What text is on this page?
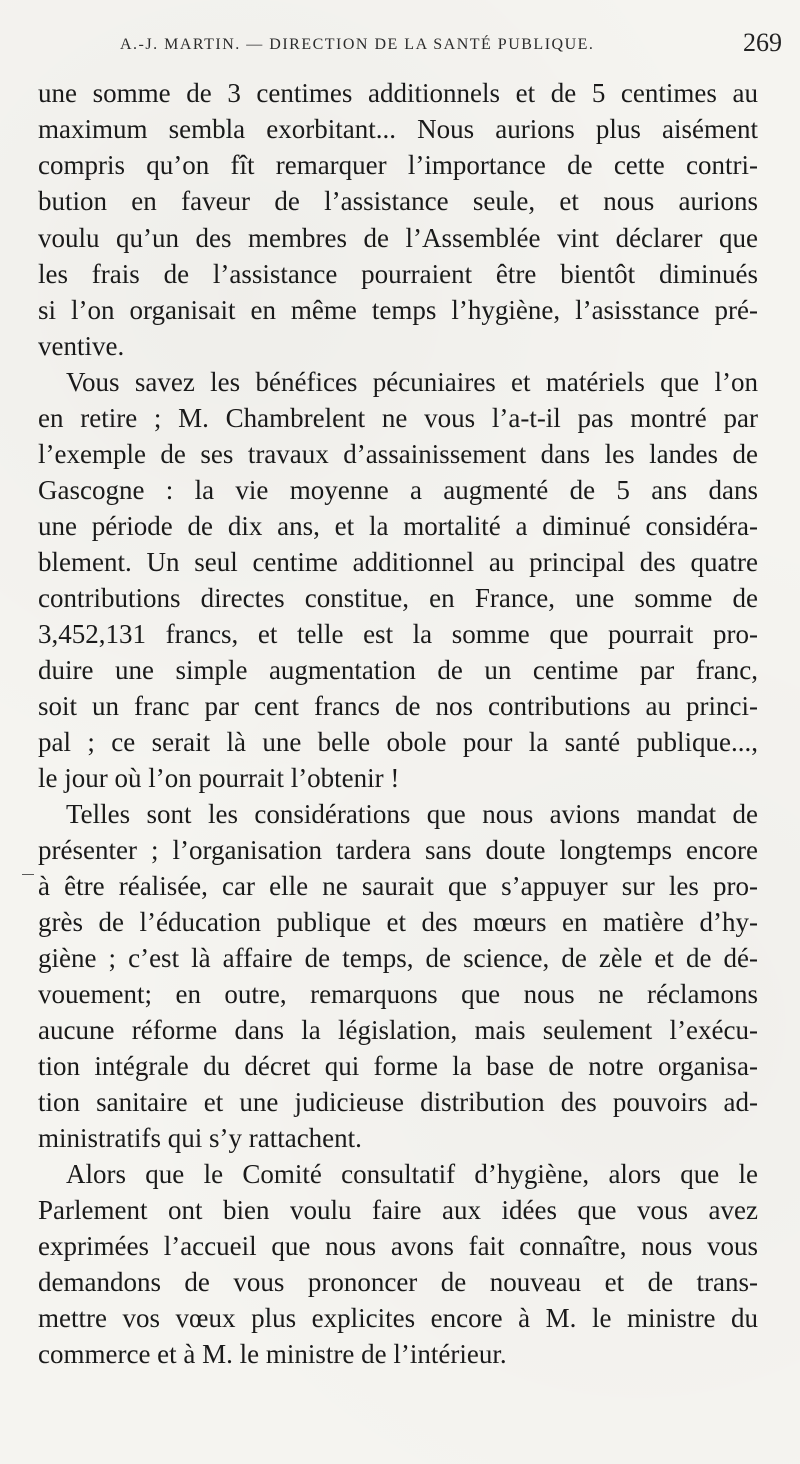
A.-J. MARTIN. — DIRECTION DE LA SANTÉ PUBLIQUE.	269
une somme de 3 centimes additionnels et de 5 centimes au
maximum sembla exorbitant... Nous aurions plus aisément
compris qu’on fît remarquer l’importance de cette contri-
bution en faveur de l’assistance seule, et nous aurions
voulu qu’un des membres de l’Assemblée vint déclarer que
les frais de l’assistance pourraient être bientôt diminués
si l’on organisait en même temps l’hygiène, l’asisstance pré-
ventive.
Vous savez les bénéfices pécuniaires et matériels que l’on
en retire ; M. Chambrelent ne vous l’a-t-il pas montré par
l’exemple de ses travaux d’assainissement dans les landes de
Gascogne : la vie moyenne a augmenté de 5 ans dans
une période de dix ans, et la mortalité a diminué considéra-
blement. Un seul centime additionnel au principal des quatre
contributions directes constitue, en France, une somme de
3,452,131 francs, et telle est la somme que pourrait pro-
duire une simple augmentation de un centime par franc,
soit un franc par cent francs de nos contributions au princi-
pal ; ce serait là une belle obole pour la santé publique...,
le jour où l’on pourrait l’obtenir !
Telles sont les considérations que nous avions mandat de
présenter ; l’organisation tardera sans doute longtemps encore
à être réalisée, car elle ne saurait que s’appuyer sur les pro-
grès de l’éducation publique et des mœurs en matière d’hy-
giène ; c’est là affaire de temps, de science, de zèle et de dé-
vouement; en outre, remarquons que nous ne réclamons
aucune réforme dans la législation, mais seulement l’exécu-
tion intégrale du décret qui forme la base de notre organisa-
tion sanitaire et une judicieuse distribution des pouvoirs ad-
ministratifs qui s’y rattachent.
Alors que le Comité consultatif d’hygiène, alors que le
Parlement ont bien voulu faire aux idées que vous avez
exprimées l’accueil que nous avons fait connaître, nous vous
demandons de vous prononcer de nouveau et de trans-
mettre vos vœux plus explicites encore à M. le ministre du
commerce et à M. le ministre de l’intérieur.
